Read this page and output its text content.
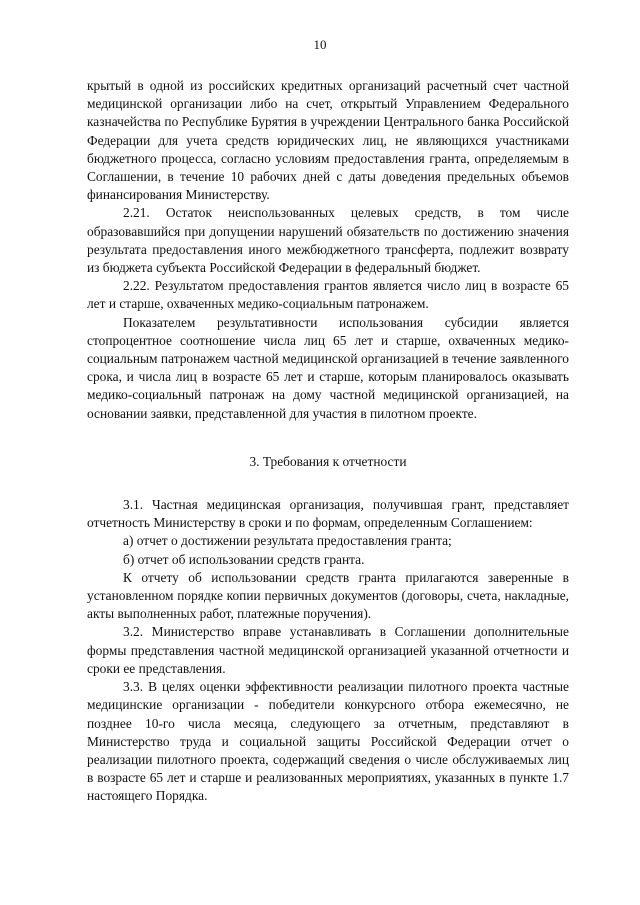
10

крытый в одной из российских кредитных организаций расчетный счет частной медицинской организации либо на счет, открытый Управлением Федерального казначейства по Республике Бурятия в учреждении Центрального банка Российской Федерации для учета средств юридических лиц, не являющихся участниками бюджетного процесса, согласно условиям предоставления гранта, определяемым в Соглашении, в течение 10 рабочих дней с даты доведения предельных объемов финансирования Министерству.

2.21. Остаток неиспользованных целевых средств, в том числе образовавшийся при допущении нарушений обязательств по достижению значения результата предоставления иного межбюджетного трансферта, подлежит возврату из бюджета субъекта Российской Федерации в федеральный бюджет.

2.22. Результатом предоставления грантов является число лиц в возрасте 65 лет и старше, охваченных медико-социальным патронажем.

Показателем результативности использования субсидии является стопроцентное соотношение числа лиц 65 лет и старше, охваченных медико-социальным патронажем частной медицинской организацией в течение заявленного срока, и числа лиц в возрасте 65 лет и старше, которым планировалось оказывать медико-социальный патронаж на дому частной медицинской организацией, на основании заявки, представленной для участия в пилотном проекте.

3. Требования к отчетности

3.1. Частная медицинская организация, получившая грант, представляет отчетность Министерству в сроки и по формам, определенным Соглашением:

а) отчет о достижении результата предоставления гранта;

б) отчет об использовании средств гранта.

К отчету об использовании средств гранта прилагаются заверенные в установленном порядке копии первичных документов (договоры, счета, накладные, акты выполненных работ, платежные поручения).

3.2. Министерство вправе устанавливать в Соглашении дополнительные формы представления частной медицинской организацией указанной отчетности и сроки ее представления.

3.3. В целях оценки эффективности реализации пилотного проекта частные медицинские организации - победители конкурсного отбора ежемесячно, не позднее 10-го числа месяца, следующего за отчетным, представляют в Министерство труда и социальной защиты Российской Федерации отчет о реализации пилотного проекта, содержащий сведения о числе обслуживаемых лиц в возрасте 65 лет и старше и реализованных мероприятиях, указанных в пункте 1.7 настоящего Порядка.
